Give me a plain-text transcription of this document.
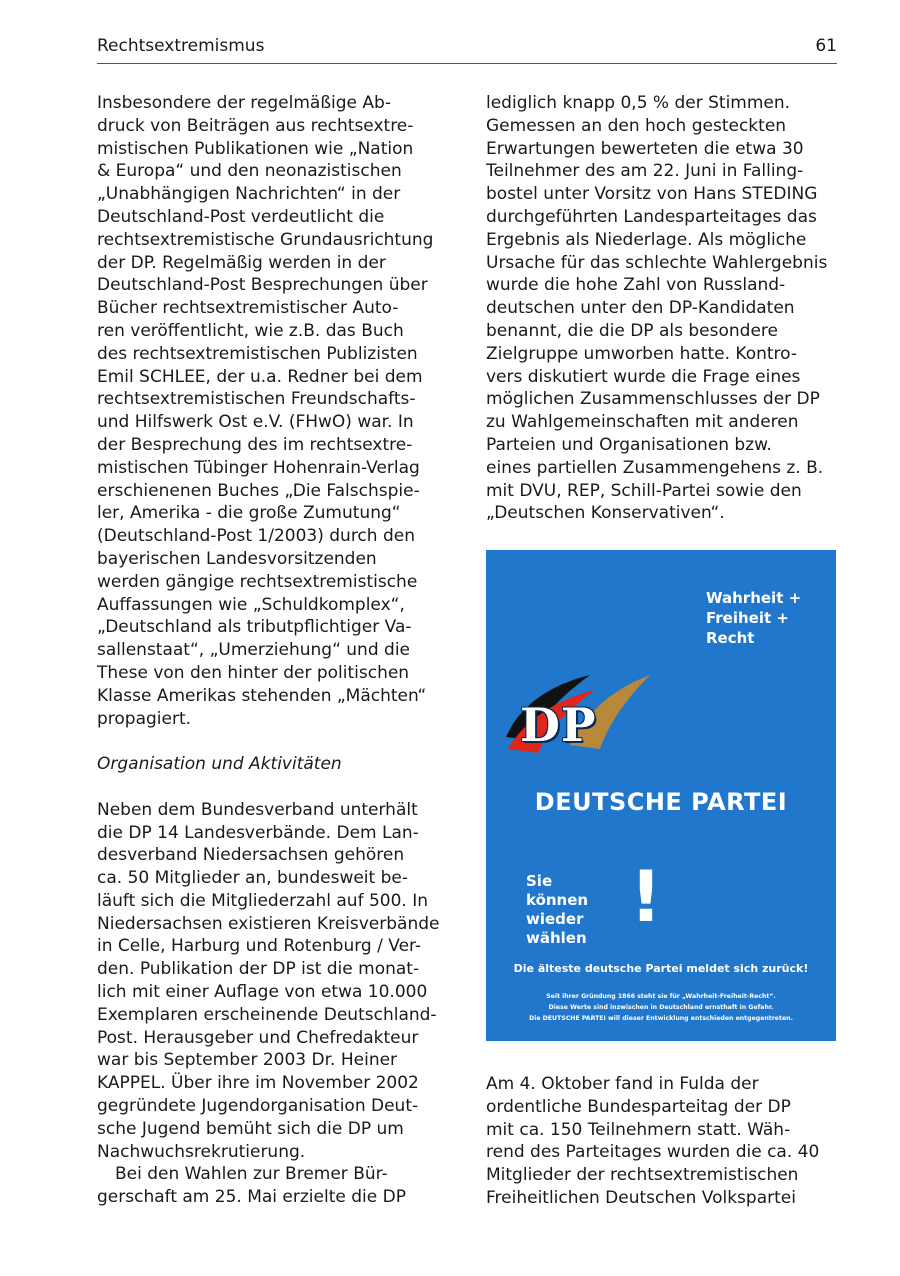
Rechtsextremismus	61

Insbesondere der regelmäßige Ab-
druck von Beiträgen aus rechtsextre-
mistischen Publikationen wie „Nation
& Europa“ und den neonazistischen
„Unabhängigen Nachrichten“ in der
Deutschland-Post verdeutlicht die
rechtsextremistische Grundausrichtung
der DP. Regelmäßig werden in der
Deutschland-Post Besprechungen über
Bücher rechtsextremistischer Auto-
ren veröffentlicht, wie z.B. das Buch
des rechtsextremistischen Publizisten
Emil SCHLEE, der u.a. Redner bei dem
rechtsextremistischen Freundschafts-
und Hilfswerk Ost e.V. (FHwO) war. In
der Besprechung des im rechtsextre-
mistischen Tübinger Hohenrain-Verlag
erschienenen Buches „Die Falschspie-
ler, Amerika - die große Zumutung“
(Deutschland-Post 1/2003) durch den
bayerischen Landesvorsitzenden
werden gängige rechtsextremistische
Auffassungen wie „Schuldkomplex“,
„Deutschland als tributpflichtiger Va-
sallenstaat“, „Umerziehung“ und die
These von den hinter der politischen
Klasse Amerikas stehenden „Mächten“
propagiert.

Organisation und Aktivitäten

Neben dem Bundesverband unterhält
die DP 14 Landesverbände. Dem Lan-
desverband Niedersachsen gehören
ca. 50 Mitglieder an, bundesweit be-
läuft sich die Mitgliederzahl auf 500. In
Niedersachsen existieren Kreisverbände
in Celle, Harburg und Rotenburg / Ver-
den. Publikation der DP ist die monat-
lich mit einer Auflage von etwa 10.000
Exemplaren erscheinende Deutschland-
Post. Herausgeber und Chefredakteur
war bis September 2003 Dr. Heiner
KAPPEL. Über ihre im November 2002
gegründete Jugendorganisation Deut-
sche Jugend bemüht sich die DP um
Nachwuchsrekrutierung.

Bei den Wahlen zur Bremer Bür-
gerschaft am 25. Mai erzielte die DP

lediglich knapp 0,5 % der Stimmen.
Gemessen an den hoch gesteckten
Erwartungen bewerteten die etwa 30
Teilnehmer des am 22. Juni in Falling-
bostel unter Vorsitz von Hans STEDING
durchgeführten Landesparteitages das
Ergebnis als Niederlage. Als mögliche
Ursache für das schlechte Wahlergebnis
wurde die hohe Zahl von Russland-
deutschen unter den DP-Kandidaten
benannt, die die DP als besondere
Zielgruppe umworben hatte. Kontro-
vers diskutiert wurde die Frage eines
möglichen Zusammenschlusses der DP
zu Wahlgemeinschaften mit anderen
Parteien und Organisationen bzw.
eines partiellen Zusammengehens z. B.
mit DVU, REP, Schill-Partei sowie den
„Deutschen Konservativen“.

Wahrheit +
Freiheit +
Recht
DP
DEUTSCHE PARTEI
Sie
können
wieder
wählen !
Die älteste deutsche Partei meldet sich zurück!
Seit ihrer Gründung 1866 steht sie für „Wahrheit-Freiheit-Recht“.
Diese Werte sind inzwischen in Deutschland ernsthaft in Gefahr.
Die DEUTSCHE PARTEI will dieser Entwicklung entschieden entgegentreten.

Am 4. Oktober fand in Fulda der
ordentliche Bundesparteitag der DP
mit ca. 150 Teilnehmern statt. Wäh-
rend des Parteitages wurden die ca. 40
Mitglieder der rechtsextremistischen
Freiheitlichen Deutschen Volkspartei
